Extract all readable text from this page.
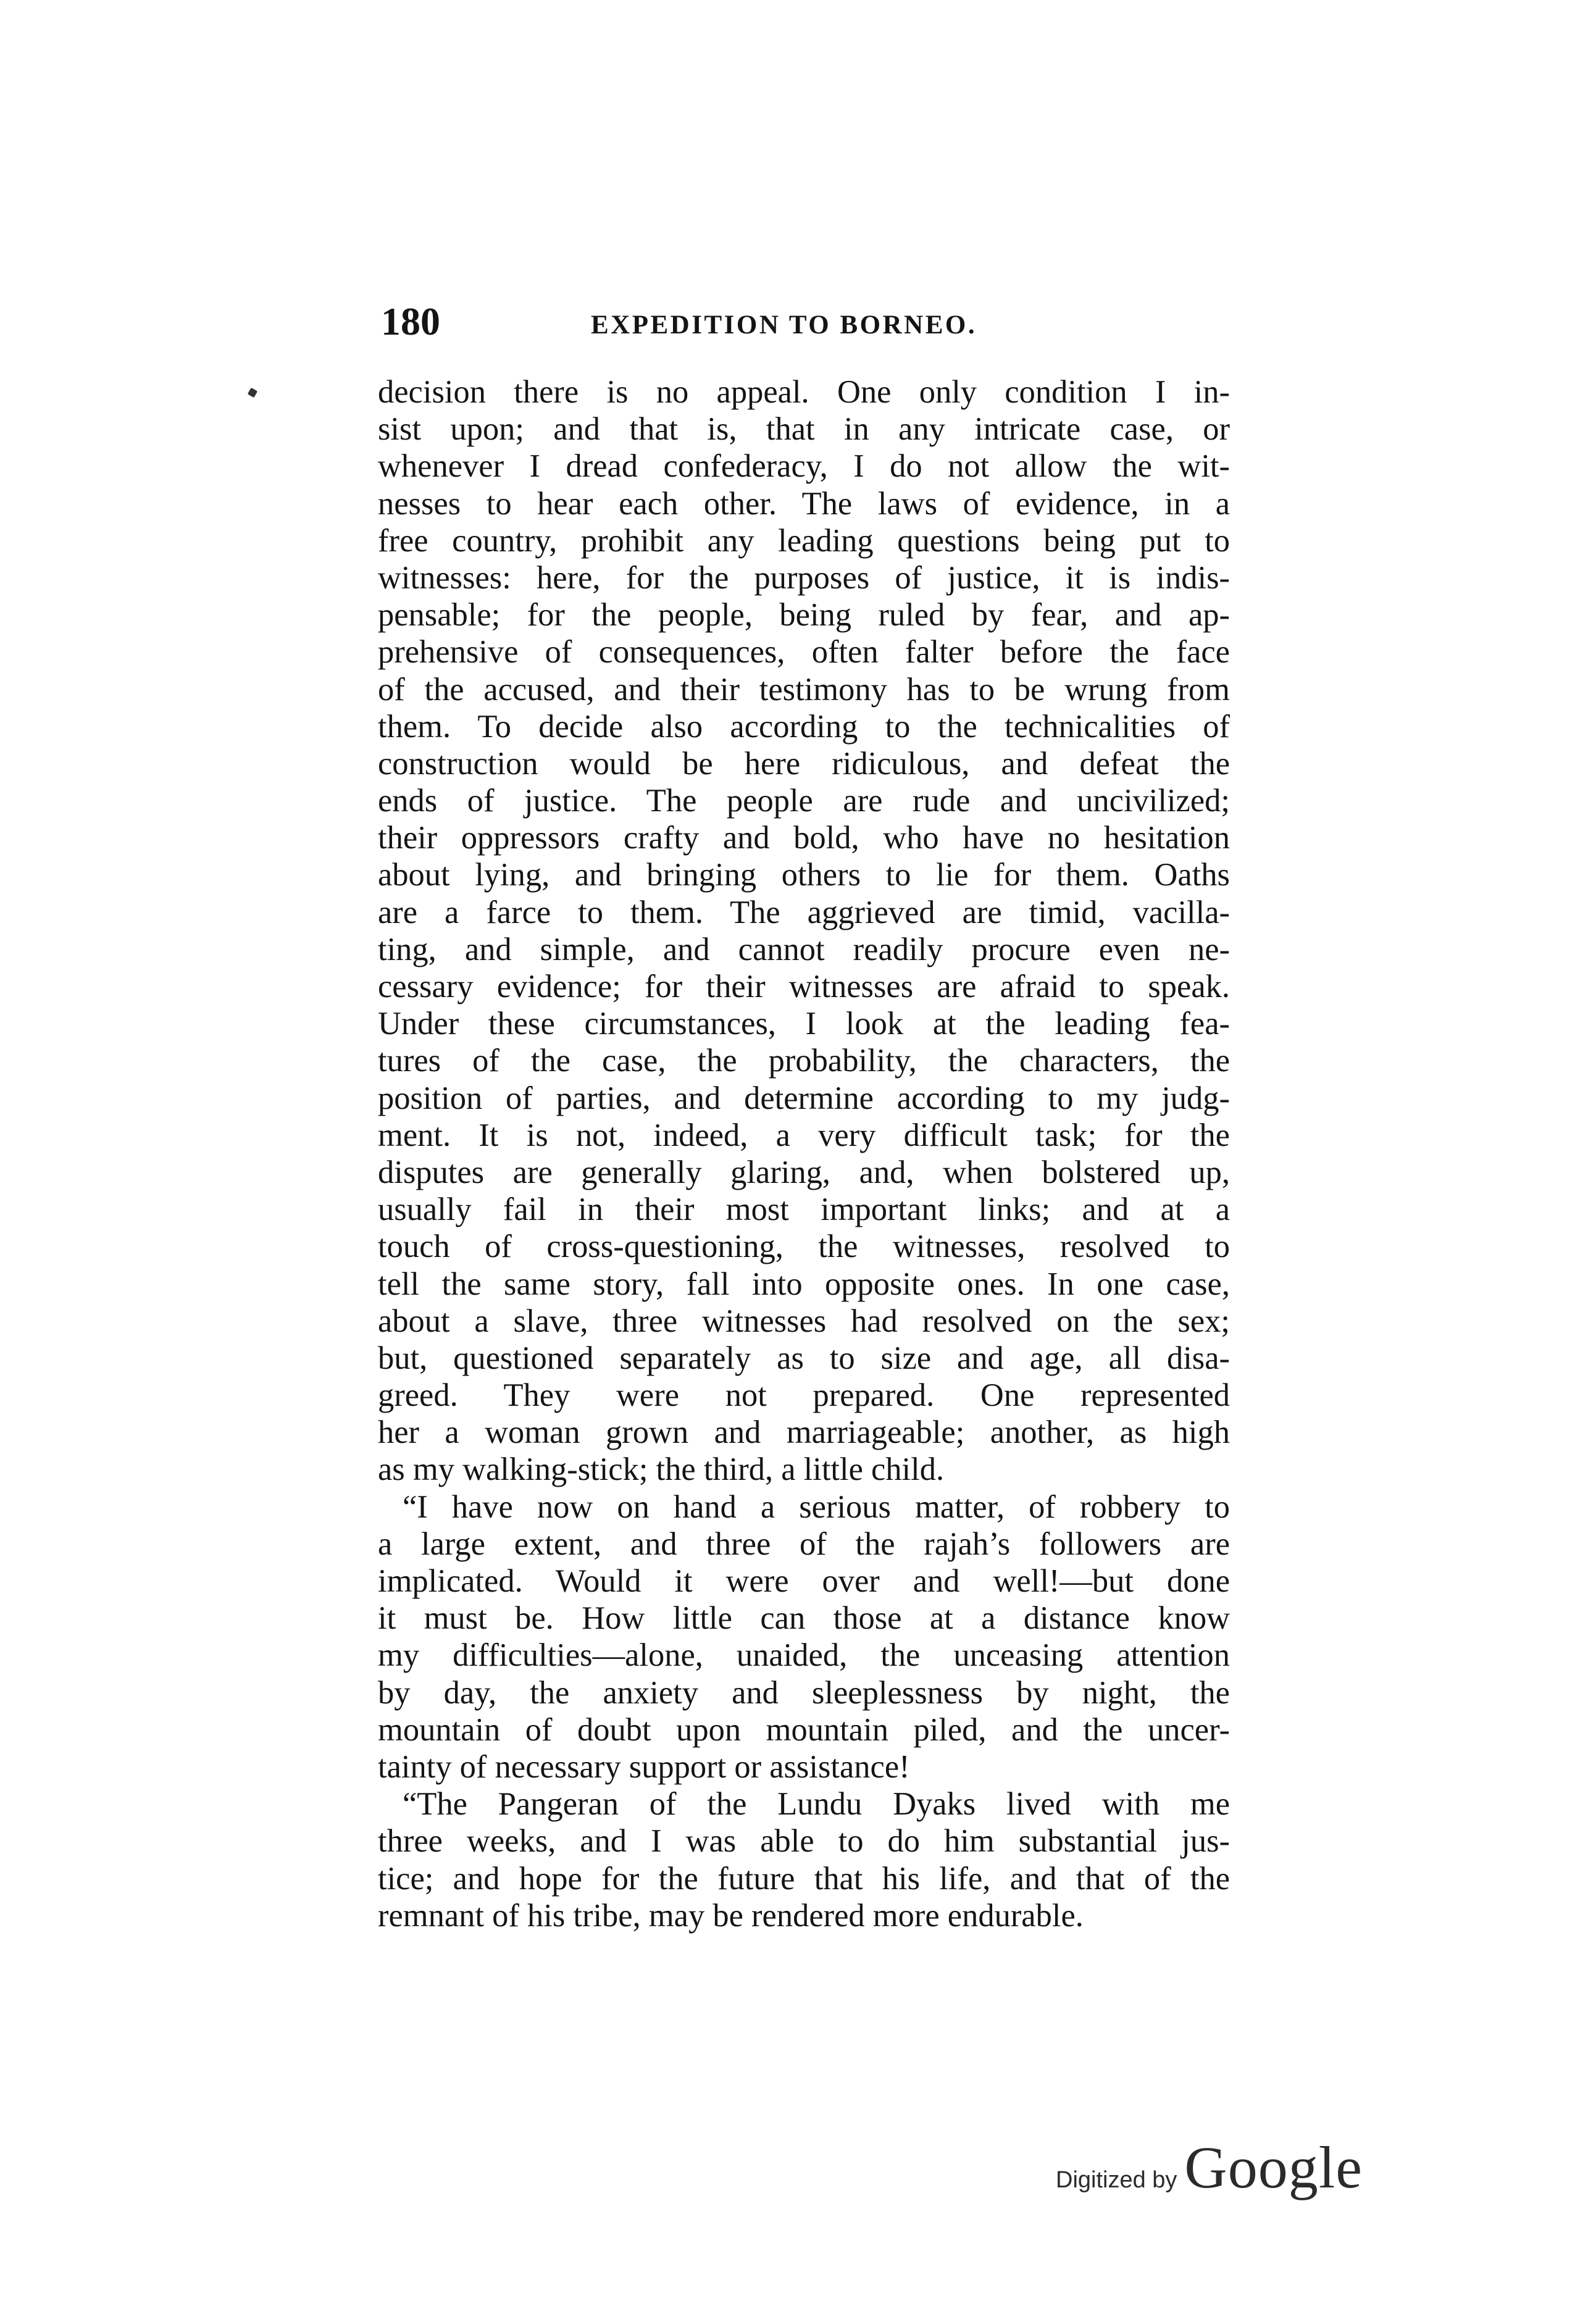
180	EXPEDITION TO BORNEO.
decision there is no appeal. One only condition I in-
sist upon; and that is, that in any intricate case, or
whenever I dread confederacy, I do not allow the wit-
nesses to hear each other. The laws of evidence, in a
free country, prohibit any leading questions being put to
witnesses: here, for the purposes of justice, it is indis-
pensable; for the people, being ruled by fear, and ap-
prehensive of consequences, often falter before the face
of the accused, and their testimony has to be wrung from
them. To decide also according to the technicalities of
construction would be here ridiculous, and defeat the
ends of justice. The people are rude and uncivilized;
their oppressors crafty and bold, who have no hesitation
about lying, and bringing others to lie for them. Oaths
are a farce to them. The aggrieved are timid, vacilla-
ting, and simple, and cannot readily procure even ne-
cessary evidence; for their witnesses are afraid to speak.
Under these circumstances, I look at the leading fea-
tures of the case, the probability, the characters, the
position of parties, and determine according to my judg-
ment. It is not, indeed, a very difficult task; for the
disputes are generally glaring, and, when bolstered up,
usually fail in their most important links; and at a
touch of cross-questioning, the witnesses, resolved to
tell the same story, fall into opposite ones. In one case,
about a slave, three witnesses had resolved on the sex;
but, questioned separately as to size and age, all disa-
greed. They were not prepared. One represented
her a woman grown and marriageable; another, as high
as my walking-stick; the third, a little child.
“I have now on hand a serious matter, of robbery to
a large extent, and three of the rajah’s followers are
implicated. Would it were over and well!—but done
it must be. How little can those at a distance know
my difficulties—alone, unaided, the unceasing attention
by day, the anxiety and sleeplessness by night, the
mountain of doubt upon mountain piled, and the uncer-
tainty of necessary support or assistance!
“The Pangeran of the Lundu Dyaks lived with me
three weeks, and I was able to do him substantial jus-
tice; and hope for the future that his life, and that of the
remnant of his tribe, may be rendered more endurable.
Digitized by Google
